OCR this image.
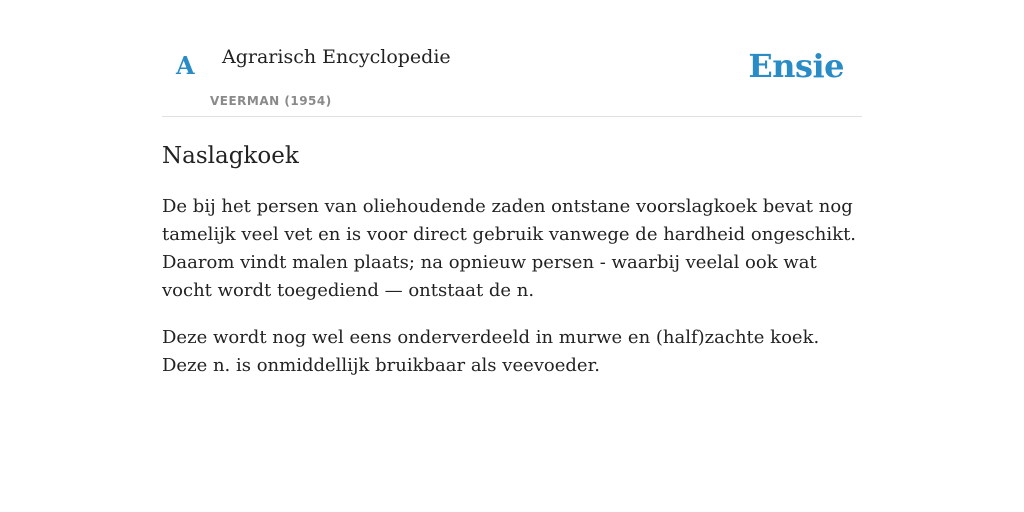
A Agrarisch Encyclopedie
VEERMAN (1954)
Ensie
Naslagkoek

De bij het persen van oliehoudende zaden ontstane voorslagkoek bevat nog tamelijk veel vet en is voor direct gebruik vanwege de hardheid ongeschikt. Daarom vindt malen plaats; na opnieuw persen - waarbij veelal ook wat vocht wordt toegediend — ontstaat de n.

Deze wordt nog wel eens onderverdeeld in murwe en (half)zachte koek. Deze n. is onmiddellijk bruikbaar als veevoeder.
